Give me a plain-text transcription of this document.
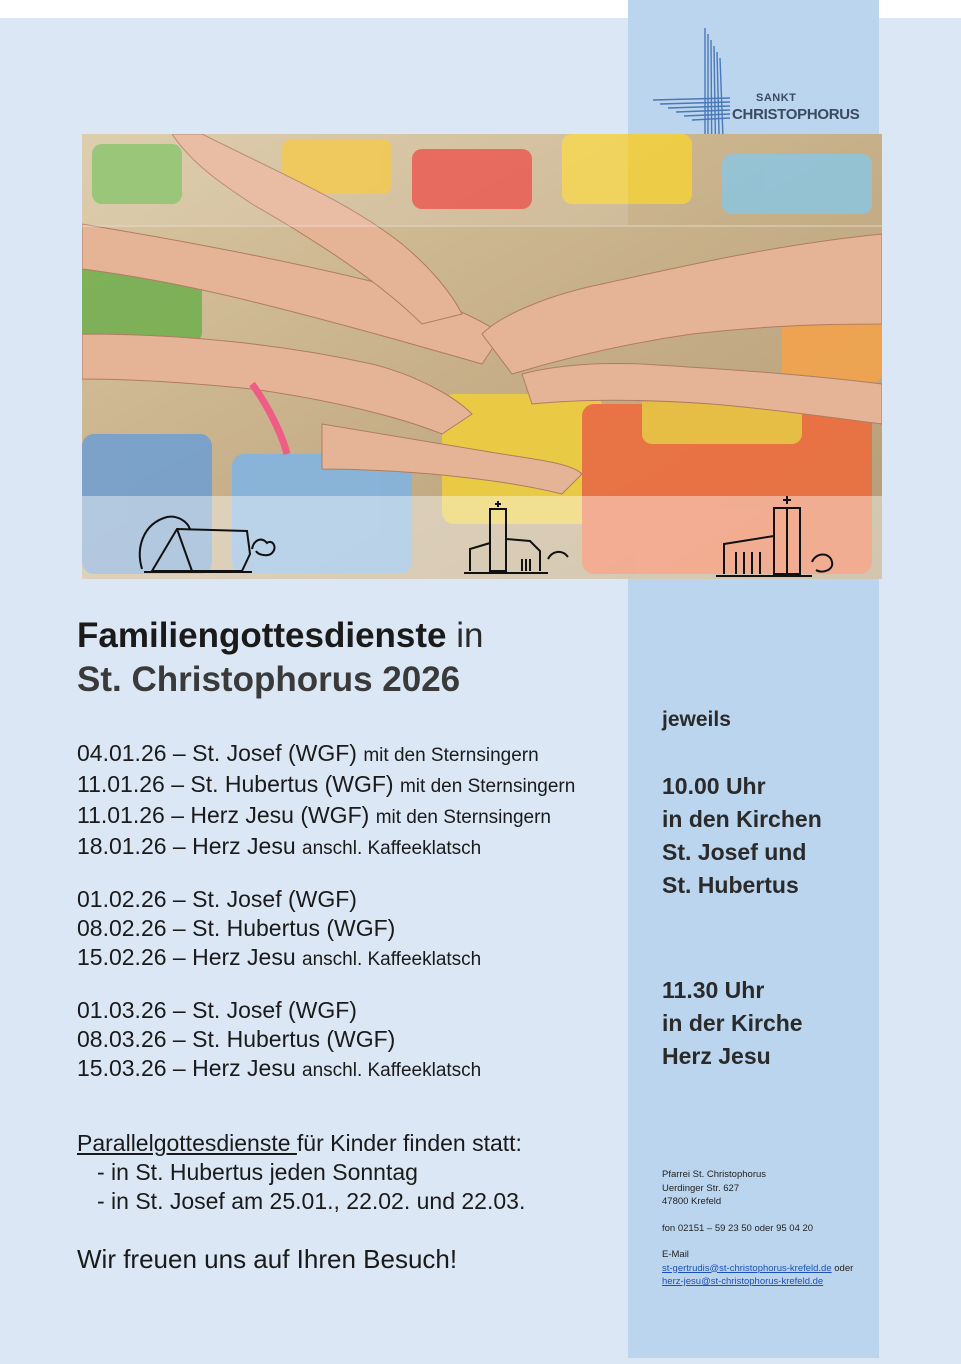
SANKT
CHRISTOPHORUS
Familiengottesdienste in
St. Christophorus 2026
04.01.26 – St. Josef (WGF) mit den Sternsingern
11.01.26 – St. Hubertus (WGF) mit den Sternsingern
11.01.26 – Herz Jesu (WGF) mit den Sternsingern
18.01.26 – Herz Jesu anschl. Kaffeeklatsch
01.02.26 – St. Josef (WGF)
08.02.26 – St. Hubertus (WGF)
15.02.26 – Herz Jesu anschl. Kaffeeklatsch
01.03.26 – St. Josef (WGF)
08.03.26 – St. Hubertus (WGF)
15.03.26 – Herz Jesu anschl. Kaffeeklatsch
Parallelgottesdienste für Kinder finden statt:
- in St. Hubertus jeden Sonntag
- in St. Josef am 25.01., 22.02. und 22.03.
Wir freuen uns auf Ihren Besuch!
jeweils
10.00 Uhr
in den Kirchen
St. Josef und
St. Hubertus
11.30 Uhr
in der Kirche
Herz Jesu
Pfarrei St. Christophorus
Uerdinger Str. 627
47800 Krefeld
fon 02151 – 59 23 50 oder 95 04 20
E-Mail
st-gertrudis@st-christophorus-krefeld.de oder
herz-jesu@st-christophorus-krefeld.de
